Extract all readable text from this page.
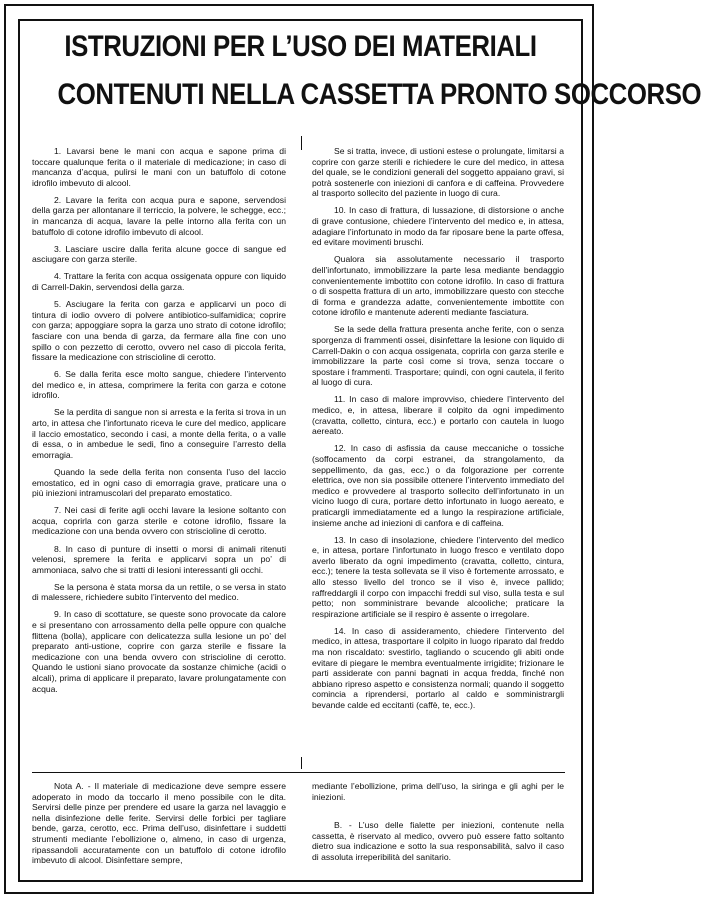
ISTRUZIONI PER L’USO DEI MATERIALI
CONTENUTI NELLA CASSETTA PRONTO SOCCORSO

1. Lavarsi bene le mani con acqua e sapone prima di toccare qualunque ferita o il materiale di medicazione; in caso di mancanza d’acqua, pulirsi le mani con un batuffolo di cotone idrofilo imbevuto di alcool.

2. Lavare la ferita con acqua pura e sapone, servendosi della garza per allontanare il terriccio, la polvere, le schegge, ecc.; in mancanza di acqua, lavare la pelle intorno alla ferita con un batuffolo di cotone idrofilo imbevuto di alcool.

3. Lasciare uscire dalla ferita alcune gocce di sangue ed asciugare con garza sterile.

4. Trattare la ferita con acqua ossigenata oppure con liquido di Carrell-Dakin, servendosi della garza.

5. Asciugare la ferita con garza e applicarvi un poco di tintura di iodio ovvero di polvere antibiotico-sulfamidica; coprire con garza; appoggiare sopra la garza uno strato di cotone idrofilo; fasciare con una benda di garza, da fermare alla fine con uno spillo o con pezzetto di cerotto, ovvero nel caso di piccola ferita, fissare la medicazione con striscioline di cerotto.

6. Se dalla ferita esce molto sangue, chiedere l’intervento del medico e, in attesa, comprimere la ferita con garza e cotone idrofilo.

Se la perdita di sangue non si arresta e la ferita si trova in un arto, in attesa che l’infortunato riceva le cure del medico, applicare il laccio emostatico, secondo i casi, a monte della ferita, o a valle di essa, o in ambedue le sedi, fino a conseguire l’arresto della emorragia.

Quando la sede della ferita non consenta l’uso del laccio emostatico, ed in ogni caso di emorragia grave, praticare una o più iniezioni intramuscolari del preparato emostatico.

7. Nei casi di ferite agli occhi lavare la lesione soltanto con acqua, coprirla con garza sterile e cotone idrofilo, fissare la medicazione con una benda ovvero con striscioline di cerotto.

8. In caso di punture di insetti o morsi di animali ritenuti velenosi, spremere la ferita e applicarvi sopra un po’ di ammoniaca, salvo che si tratti di lesioni interessanti gli occhi.

Se la persona è stata morsa da un rettile, o se versa in stato di malessere, richiedere subito l’intervento del medico.

9. In caso di scottature, se queste sono provocate da calore e si presentano con arrossamento della pelle oppure con qualche flittena (bolla), applicare con delicatezza sulla lesione un po’ del preparato anti-ustione, coprire con garza sterile e fissare la medicazione con una benda ovvero con striscioline di cerotto. Quando le ustioni siano provocate da sostanze chimiche (acidi o alcali), prima di applicare il preparato, lavare prolungatamente con acqua.

Se si tratta, invece, di ustioni estese o prolungate, limitarsi a coprire con garze sterili e richiedere le cure del medico, in attesa del quale, se le condizioni generali del soggetto appaiano gravi, si potrà sostenerle con iniezioni di canfora e di caffeina. Provvedere al trasporto sollecito del paziente in luogo di cura.

10. In caso di frattura, di lussazione, di distorsione o anche di grave contusione, chiedere l’intervento del medico e, in attesa, adagiare l’infortunato in modo da far riposare bene la parte offesa, ed evitare movimenti bruschi.

Qualora sia assolutamente necessario il trasporto dell’infortunato, immobilizzare la parte lesa mediante bendaggio convenientemente imbottito con cotone idrofilo. In caso di frattura o di sospetta frattura di un arto, immobilizzare questo con stecche di forma e grandezza adatte, convenientemente imbottite con cotone idrofilo e mantenute aderenti mediante fasciatura.

Se la sede della frattura presenta anche ferite, con o senza sporgenza di frammenti ossei, disinfettare la lesione con liquido di Carrell-Dakin o con acqua ossigenata, coprirla con garza sterile e immobilizzare la parte così come si trova, senza toccare o spostare i frammenti. Trasportare; quindi, con ogni cautela, il ferito al luogo di cura.

11. In caso di malore improvviso, chiedere l’intervento del medico, e, in attesa, liberare il colpito da ogni impedimento (cravatta, colletto, cintura, ecc.) e portarlo con cautela in luogo aereato.

12. In caso di asfissia da cause meccaniche o tossiche (soffocamento da corpi estranei, da strangolamento, da seppellimento, da gas, ecc.) o da folgorazione per corrente elettrica, ove non sia possibile ottenere l’intervento immediato del medico e provvedere al trasporto sollecito dell’infortunato in un vicino luogo di cura, portare detto infortunato in luogo aereato, e praticargli immediatamente ed a lungo la respirazione artificiale, insieme anche ad iniezioni di canfora e di caffeina.

13. In caso di insolazione, chiedere l’intervento del medico e, in attesa, portare l’infortunato in luogo fresco e ventilato dopo averlo liberato da ogni impedimento (cravatta, colletto, cintura, ecc.); tenere la testa sollevata se il viso è fortemente arrossato, e allo stesso livello del tronco se il viso è, invece pallido; raffreddargli il corpo con impacchi freddi sul viso, sulla testa e sul petto; non somministrare bevande alcooliche; praticare la respirazione artificiale se il respiro è assente o irregolare.

14. In caso di assideramento, chiedere l’intervento del medico, in attesa, trasportare il colpito in luogo riparato dal freddo ma non riscaldato: svestirlo, tagliando o scucendo gli abiti onde evitare di piegare le membra eventualmente irrigidite; frizionare le parti assiderate con panni bagnati in acqua fredda, finché non abbiano ripreso aspetto e consistenza normali; quando il soggetto comincia a riprendersi, portarlo al caldo e somministrargli bevande calde ed eccitanti (caffè, te, ecc.).

Nota A. - Il materiale di medicazione deve sempre essere adoperato in modo da toccarlo il meno possibile con le dita. Servirsi delle pinze per prendere ed usare la garza nel lavaggio e nella disinfezione delle ferite. Servirsi delle forbici per tagliare bende, garza, cerotto, ecc. Prima dell’uso, disinfettare i suddetti strumenti mediante l’ebollizione o, almeno, in caso di urgenza, ripassandoli accuratamente con un batuffolo di cotone idrofilo imbevuto di alcool. Disinfettare sempre,

mediante l’ebollizione, prima dell’uso, la siringa e gli aghi per le iniezioni.

B. - L’uso delle fialette per iniezioni, contenute nella cassetta, è riservato al medico, ovvero può essere fatto soltanto dietro sua indicazione e sotto la sua responsabilità, salvo il caso di assoluta irreperibilità del sanitario.
